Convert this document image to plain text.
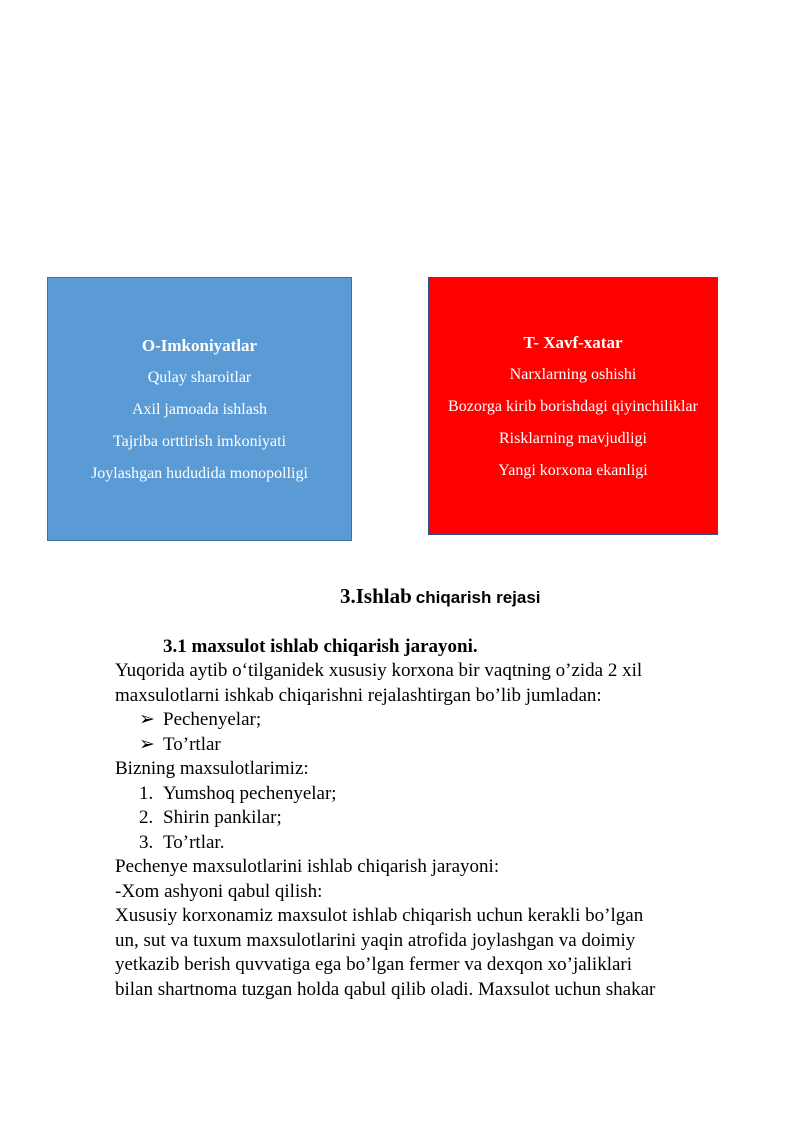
O-Imkoniyatlar
Qulay sharoitlar
Axil jamoada ishlash
Tajriba orttirish imkoniyati
Joylashgan hududida monopolligi
T- Xavf-xatar
Narxlarning oshishi
Bozorga kirib borishdagi qiyinchiliklar
Risklarning mavjudligi
Yangi korxona ekanligi
3.Ishlab chiqarish rejasi
3.1 maxsulot ishlab chiqarish jarayoni.

Yuqorida aytib o‘tilganidek xususiy korxona bir vaqtning o’zida 2 xil

maxsulotlarni ishkab chiqarishni rejalashtirgan bo’lib jumladan:

➢ Pechenyelar;
➢ To’rtlar

Bizning maxsulotlarimiz:

1. Yumshoq pechenyelar;
2. Shirin pankilar;
3. To’rtlar.

Pechenye maxsulotlarini ishlab chiqarish jarayoni:

-Xom ashyoni qabul qilish:

Xususiy korxonamiz maxsulot ishlab chiqarish uchun kerakli bo’lgan

un, sut va tuxum maxsulotlarini yaqin atrofida joylashgan va doimiy

yetkazib berish quvvatiga ega bo’lgan fermer va dexqon xo’jaliklari

bilan shartnoma tuzgan holda qabul qilib oladi. Maxsulot uchun shakar
